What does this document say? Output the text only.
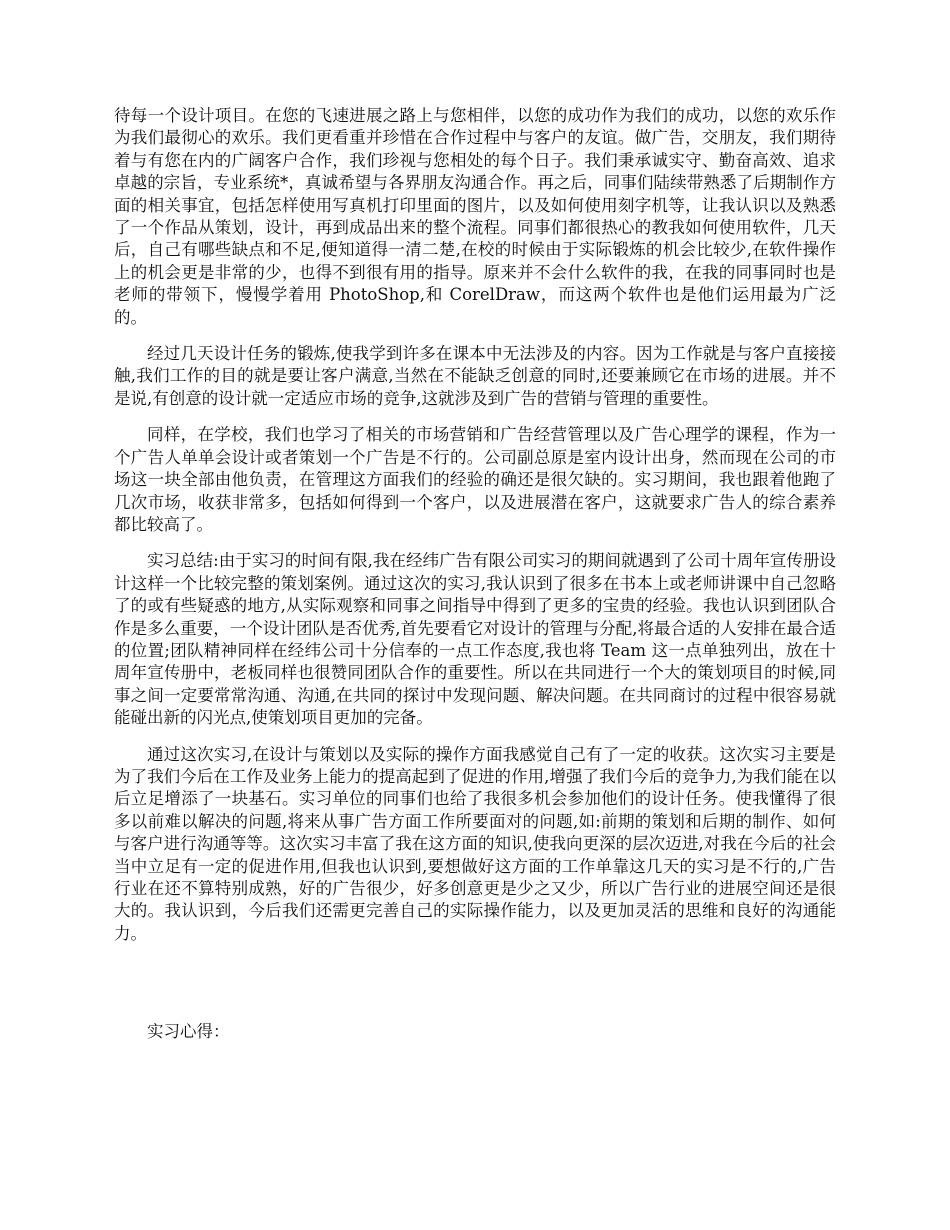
待每一个设计项目。在您的飞速进展之路上与您相伴，以您的成功作为我们的成功，以您的欢乐作为我们最彻心的欢乐。我们更看重并珍惜在合作过程中与客户的友谊。做广告，交朋友，我们期待着与有您在内的广阔客户合作，我们珍视与您相处的每个日子。我们秉承诚实守、勤奋高效、追求卓越的宗旨，专业系统*，真诚希望与各界朋友沟通合作。再之后，同事们陆续带熟悉了后期制作方面的相关事宜，包括怎样使用写真机打印里面的图片，以及如何使用刻字机等，让我认识以及熟悉了一个作品从策划，设计，再到成品出来的整个流程。同事们都很热心的教我如何使用软件，几天后，自己有哪些缺点和不足,便知道得一清二楚,在校的时候由于实际锻炼的机会比较少,在软件操作上的机会更是非常的少，也得不到很有用的指导。原来并不会什么软件的我，在我的同事同时也是老师的带领下，慢慢学着用 PhotoShop,和 CorelDraw，而这两个软件也是他们运用最为广泛的。

经过几天设计任务的锻炼,使我学到许多在课本中无法涉及的内容。因为工作就是与客户直接接触,我们工作的目的就是要让客户满意,当然在不能缺乏创意的同时,还要兼顾它在市场的进展。并不是说,有创意的设计就一定适应市场的竞争,这就涉及到广告的营销与管理的重要性。

同样，在学校，我们也学习了相关的市场营销和广告经营管理以及广告心理学的课程，作为一个广告人单单会设计或者策划一个广告是不行的。公司副总原是室内设计出身，然而现在公司的市场这一块全部由他负责，在管理这方面我们的经验的确还是很欠缺的。实习期间，我也跟着他跑了几次市场，收获非常多，包括如何得到一个客户，以及进展潜在客户，这就要求广告人的综合素养都比较高了。

实习总结:由于实习的时间有限,我在经纬广告有限公司实习的期间就遇到了公司十周年宣传册设计这样一个比较完整的策划案例。通过这次的实习,我认识到了很多在书本上或老师讲课中自己忽略了的或有些疑惑的地方,从实际观察和同事之间指导中得到了更多的宝贵的经验。我也认识到团队合作是多么重要，一个设计团队是否优秀,首先要看它对设计的管理与分配,将最合适的人安排在最合适的位置;团队精神同样在经纬公司十分信奉的一点工作态度,我也将 Team 这一点单独列出，放在十周年宣传册中，老板同样也很赞同团队合作的重要性。所以在共同进行一个大的策划项目的时候,同事之间一定要常常沟通、沟通,在共同的探讨中发现问题、解决问题。在共同商讨的过程中很容易就能碰出新的闪光点,使策划项目更加的完备。

通过这次实习,在设计与策划以及实际的操作方面我感觉自己有了一定的收获。这次实习主要是为了我们今后在工作及业务上能力的提高起到了促进的作用,增强了我们今后的竞争力,为我们能在以后立足增添了一块基石。实习单位的同事们也给了我很多机会参加他们的设计任务。使我懂得了很多以前难以解决的问题,将来从事广告方面工作所要面对的问题,如:前期的策划和后期的制作、如何与客户进行沟通等等。这次实习丰富了我在这方面的知识,使我向更深的层次迈进,对我在今后的社会当中立足有一定的促进作用,但我也认识到,要想做好这方面的工作单靠这几天的实习是不行的,广告行业在还不算特别成熟，好的广告很少，好多创意更是少之又少，所以广告行业的进展空间还是很大的。我认识到，今后我们还需更完善自己的实际操作能力，以及更加灵活的思维和良好的沟通能力。

实习心得：
